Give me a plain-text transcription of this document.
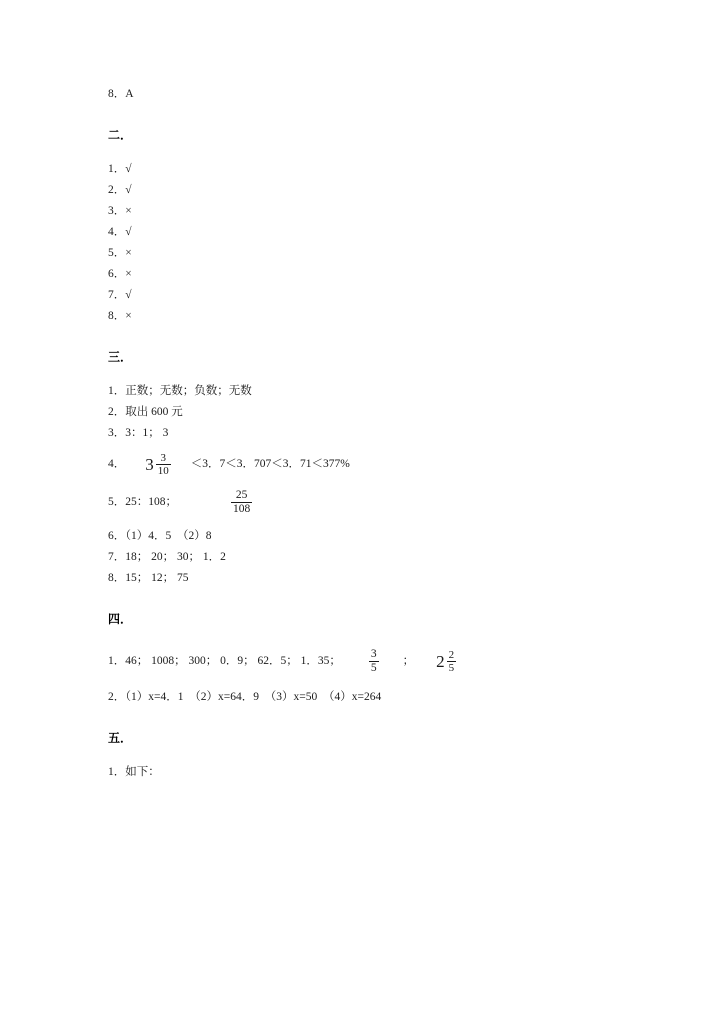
8．A
二．
1．√
2．√
3．×
4．√
5．×
6．×
7．√
8．×
三．
1．正数；无数；负数；无数
2．取出 600 元
3．3：1； 3
4． $3 \frac{3}{10} <3$．7＜3．707＜3．71＜377%
5．25：108；	$\frac{25}{108}$
6．（1）4．5  （2）8
7．18； 20； 30； 1．2
8．15； 12； 75
四．
1．46； 1008； 300； 0．9； 62．5； 1．35； $\frac{3}{5}$ ； $2 \frac{2}{5}$
2．（1）x=4．1  （2）x=64．9  （3）x=50  （4）x=264
五．
1．如下：
